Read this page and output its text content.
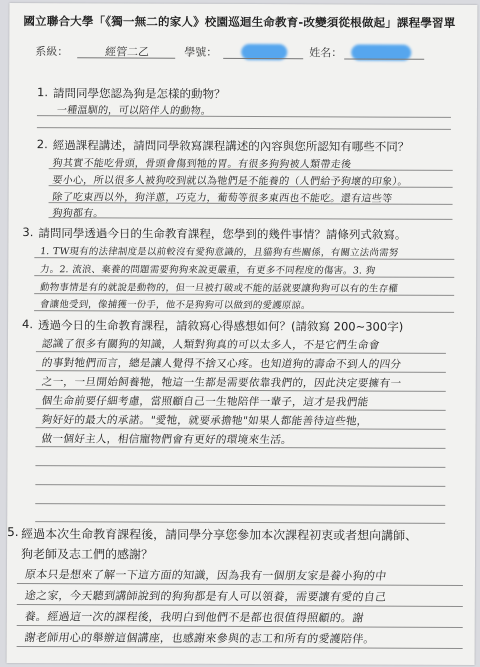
國立聯合大學「《獨一無二的家人》校園巡迴生命教育-改變須從根做起」課程學習單
系級：	經管二乙	學號：	姓名：
1. 請問同學您認為狗是怎樣的動物？
一種溫馴的，可以陪伴人的動物。
2. 經過課程講述，請問同學敘寫課程講述的內容與您所認知有哪些不同？
狗其實不能吃骨頭，骨頭會傷到牠的胃。有很多狗狗被人類帶走後
要小心，所以很多人被狗咬到就以為牠們是不能養的（人們給予狗壞的印象）。
除了吃東西以外，狗洋蔥，巧克力，葡萄等很多東西也不能吃。還有這些等
狗狗都有。
3. 請問同學透過今日的生命教育課程，您學到的幾件事情？請條列式敘寫。
1. TW現有的法律制度是以前較沒有愛狗意識的，且貓狗有些關係，有關立法尚需努
力。2. 流浪、棄養的問題需要狗狗來說更嚴重，有更多不同程度的傷害。3. 狗
動物事情是有的就說是動物的，但一旦被打破或不能的話就要讓狗狗可以有的生存權
會讓他受到，像捕獲一份手，他不是狗狗可以做到的愛護原諒。
4. 透過今日的生命教育課程，請敘寫心得感想如何？(請敘寫 200~300字)
認識了很多有關狗的知識，人類對狗真的可以太多人，不是它們生命會
的事對牠們而言，總是讓人覺得不捨又心疼。也知道狗的壽命不到人的四分
之一，一旦開始飼養牠，牠這一生都是需要依靠我們的，因此決定要擁有一
個生命前要仔細考慮，當照顧自己一生牠陪伴一輩子，這才是我們能
夠好好的最大的承諾。"愛牠，就要承擔牠"如果人都能善待這些牠，
做一個好主人，相信寵物們會有更好的環境來生活。
5. 經過本次生命教育課程後，請同學分享您參加本次課程初衷或者想向講師、
狗老師及志工們的感謝？
原本只是想來了解一下這方面的知識，因為我有一個朋友家是養小狗的中
途之家，今天聽到講師說到的狗狗都是有人可以領養，需要讓有愛的自己
養。經過這一次的課程後，我明白到他們不是都也很值得照顧的。謝
謝老師用心的舉辦這個講座，也感謝來參與的志工和所有的愛護陪伴。
